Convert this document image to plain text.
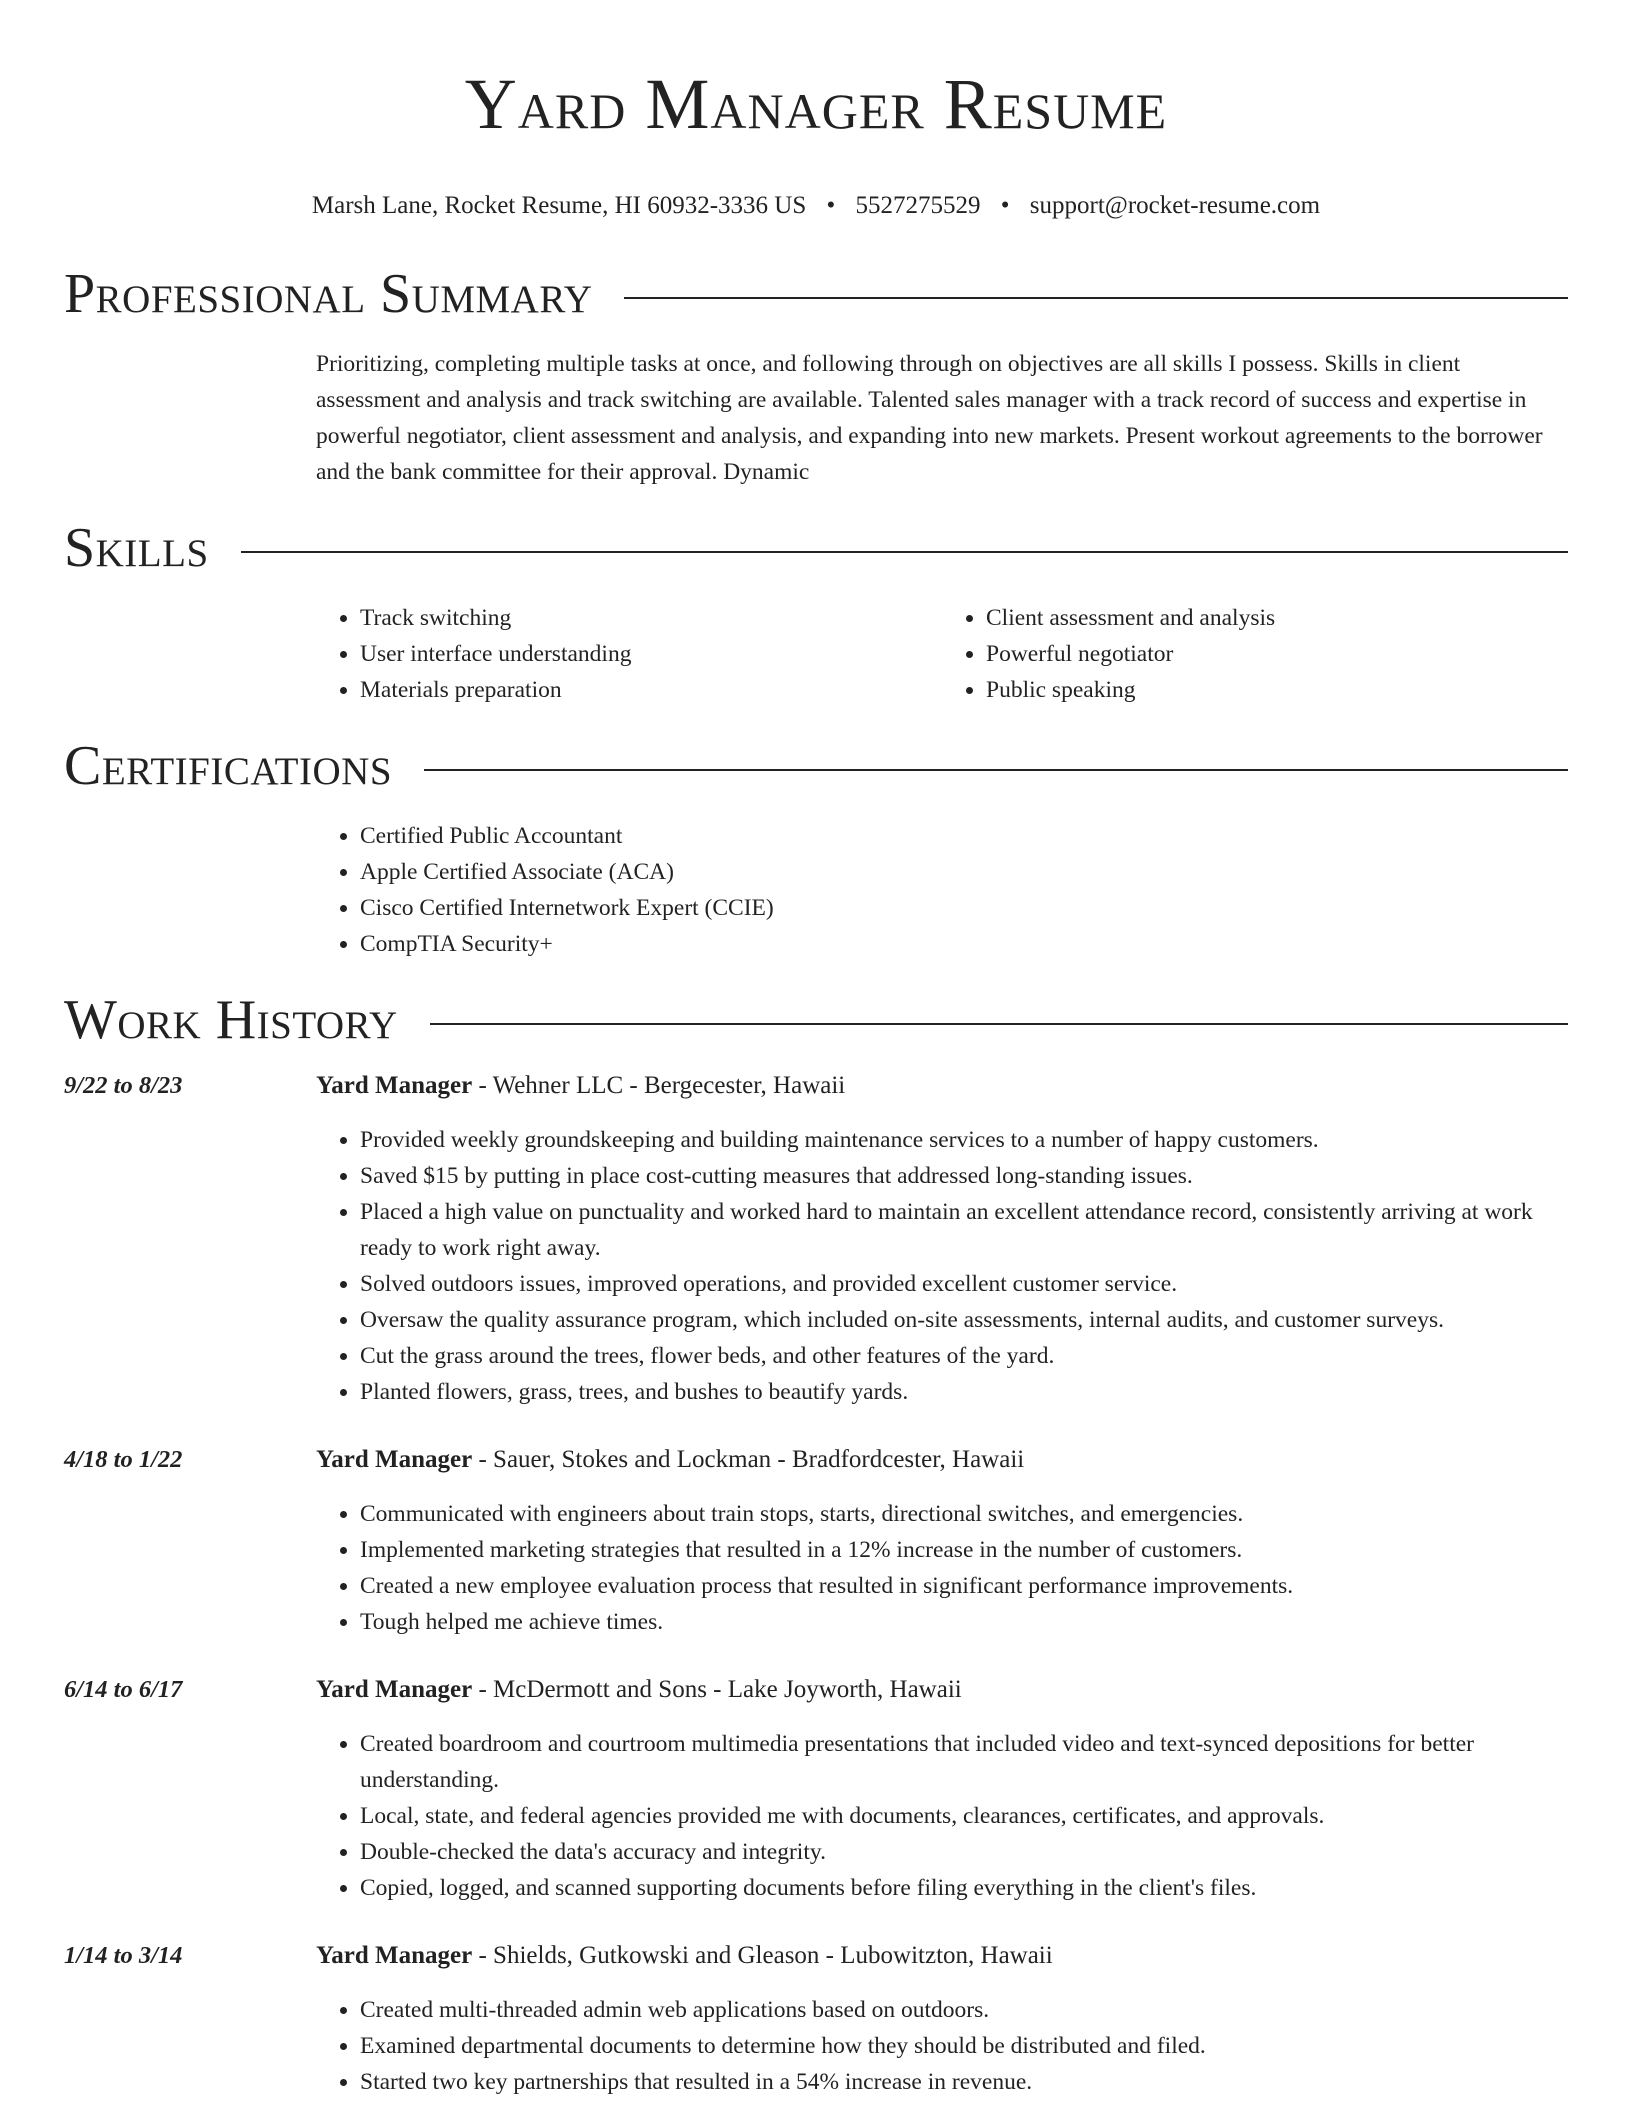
Yard Manager Resume
Marsh Lane, Rocket Resume, HI 60932-3336 US • 5527275529 • support@rocket-resume.com
Professional Summary

Prioritizing, completing multiple tasks at once, and following through on objectives are all skills I possess. Skills in client assessment and analysis and track switching are available. Talented sales manager with a track record of success and expertise in powerful negotiator, client assessment and analysis, and expanding into new markets. Present workout agreements to the borrower and the bank committee for their approval. Dynamic

Skills
• Track switching
• User interface understanding
• Materials preparation
• Client assessment and analysis
• Powerful negotiator
• Public speaking
Certifications
• Certified Public Accountant
• Apple Certified Associate (ACA)
• Cisco Certified Internetwork Expert (CCIE)
• CompTIA Security+
Work History
9/22 to 8/23	Yard Manager - Wehner LLC - Bergecester, Hawaii
• Provided weekly groundskeeping and building maintenance services to a number of happy customers.
• Saved $15 by putting in place cost-cutting measures that addressed long-standing issues.
• Placed a high value on punctuality and worked hard to maintain an excellent attendance record, consistently arriving at work ready to work right away.
• Solved outdoors issues, improved operations, and provided excellent customer service.
• Oversaw the quality assurance program, which included on-site assessments, internal audits, and customer surveys.
• Cut the grass around the trees, flower beds, and other features of the yard.
• Planted flowers, grass, trees, and bushes to beautify yards.
4/18 to 1/22	Yard Manager - Sauer, Stokes and Lockman - Bradfordcester, Hawaii
• Communicated with engineers about train stops, starts, directional switches, and emergencies.
• Implemented marketing strategies that resulted in a 12% increase in the number of customers.
• Created a new employee evaluation process that resulted in significant performance improvements.
• Tough helped me achieve times.
6/14 to 6/17	Yard Manager - McDermott and Sons - Lake Joyworth, Hawaii
• Created boardroom and courtroom multimedia presentations that included video and text-synced depositions for better understanding.
• Local, state, and federal agencies provided me with documents, clearances, certificates, and approvals.
• Double-checked the data's accuracy and integrity.
• Copied, logged, and scanned supporting documents before filing everything in the client's files.
1/14 to 3/14	Yard Manager - Shields, Gutkowski and Gleason - Lubowitzton, Hawaii
• Created multi-threaded admin web applications based on outdoors.
• Examined departmental documents to determine how they should be distributed and filed.
• Started two key partnerships that resulted in a 54% increase in revenue.
